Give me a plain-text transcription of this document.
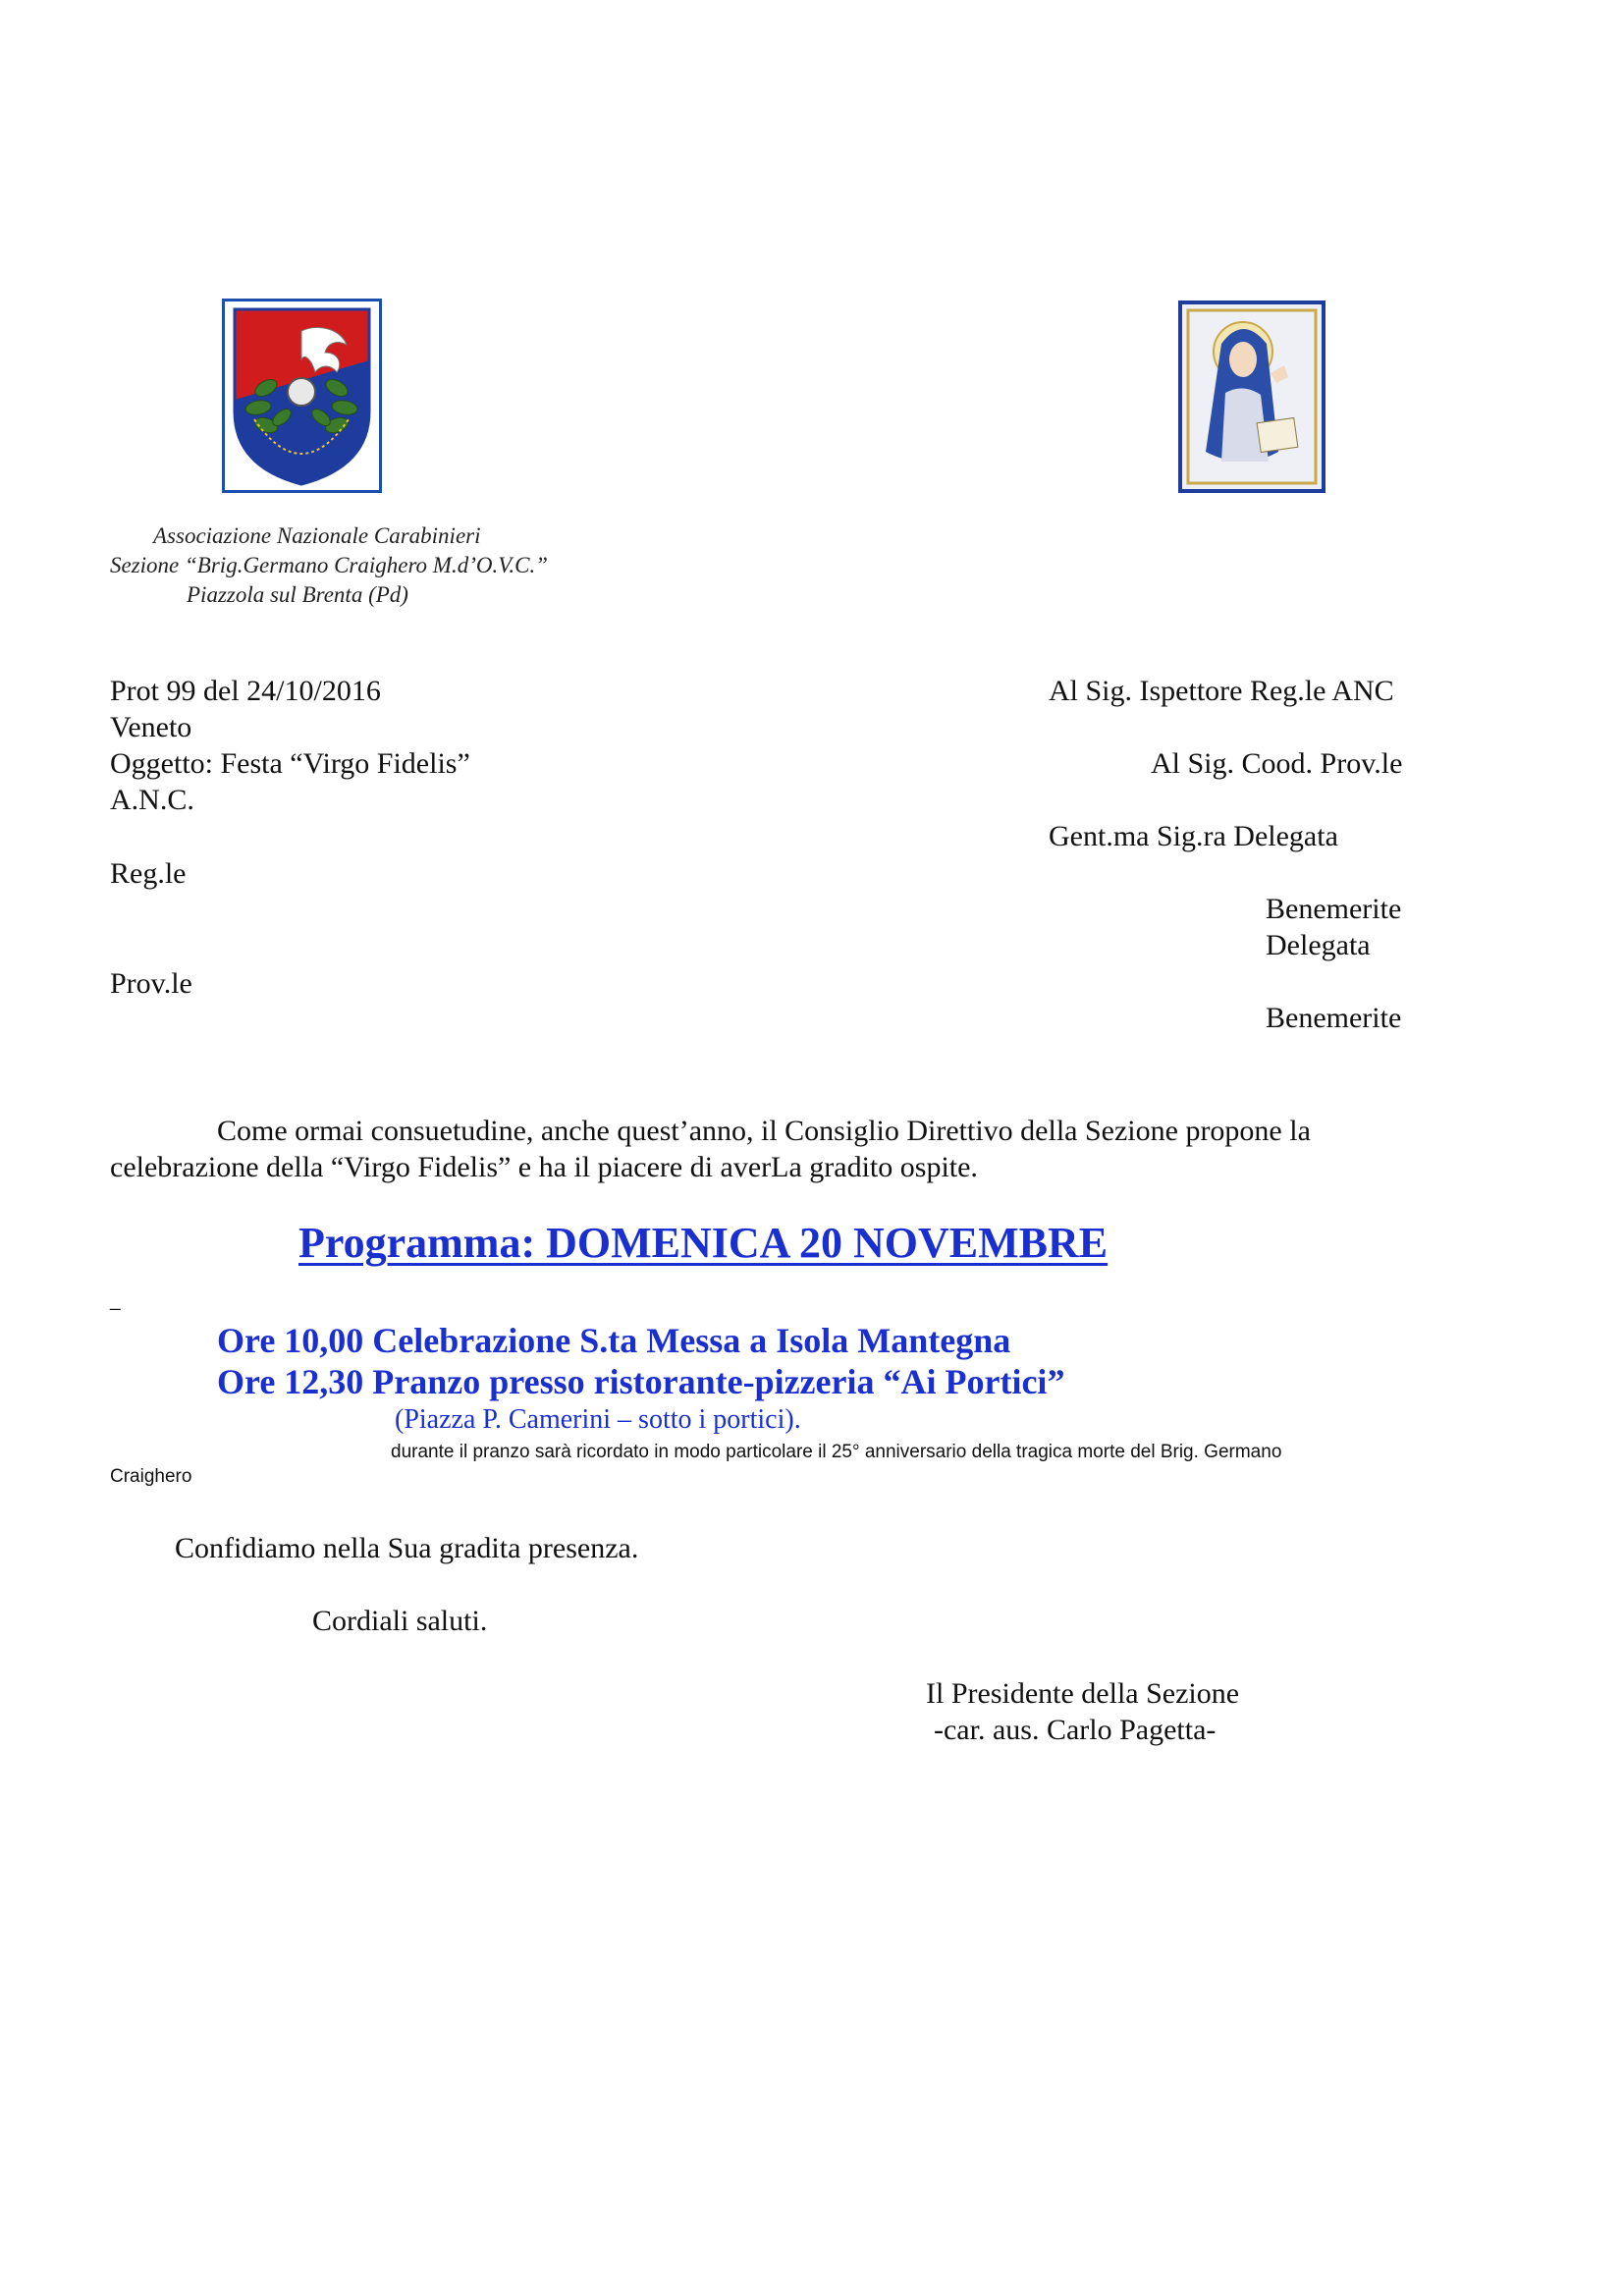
Associazione Nazionale Carabinieri
Sezione “Brig.Germano Craighero M.d’O.V.C.”
Piazzola sul Brenta (Pd)
Prot 99 del 24/10/2016
Veneto
Oggetto: Festa “Virgo Fidelis”
A.N.C.
Reg.le
Prov.le
Al Sig. Ispettore Reg.le ANC
Al Sig. Cood. Prov.le
Gent.ma Sig.ra Delegata
Benemerite
Delegata
Benemerite
Come ormai consuetudine, anche quest’anno, il Consiglio Direttivo della Sezione propone la
celebrazione della “Virgo Fidelis” e ha il piacere di averLa gradito ospite.
Programma: DOMENICA 20 NOVEMBRE
_
Ore 10,00 Celebrazione S.ta Messa a Isola Mantegna
Ore 12,30 Pranzo presso ristorante-pizzeria “Ai Portici”
(Piazza P. Camerini – sotto i portici).
durante il pranzo sarà ricordato in modo particolare il 25° anniversario della tragica morte del Brig. Germano
Craighero
Confidiamo nella Sua gradita presenza.
Cordiali saluti.
Il Presidente della Sezione
-car. aus. Carlo Pagetta-
